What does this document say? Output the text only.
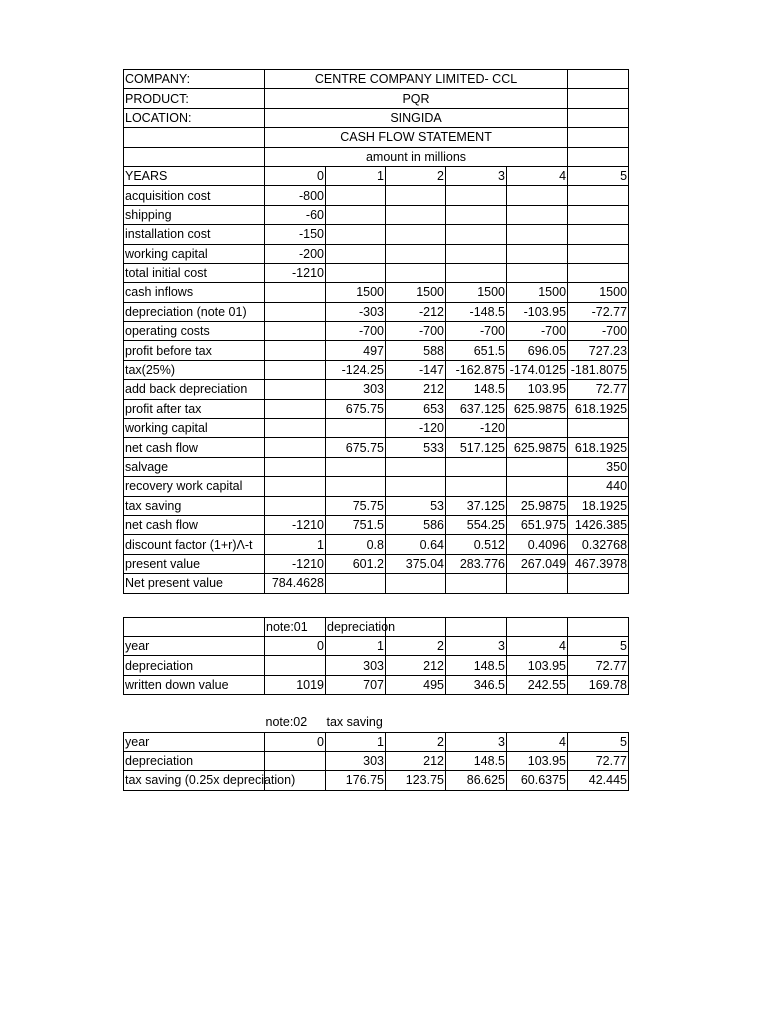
COMPANY:	CENTRE COMPANY LIMITED- CCL					
PRODUCT:	PQR					
LOCATION:	SINGIDA					
	CASH FLOW STATEMENT					
	amount in millions					
YEARS	0	1	2	3	4	5
acquisition cost	-800					
shipping	-60					
installation cost	-150					
working capital	-200					
total initial cost	-1210					
cash inflows		1500	1500	1500	1500	1500
depreciation (note 01)		-303	-212	-148.5	-103.95	-72.77
operating costs		-700	-700	-700	-700	-700
profit before tax		497	588	651.5	696.05	727.23
tax(25%)		-124.25	-147	-162.875	-174.0125	-181.8075
add back depreciation		303	212	148.5	103.95	72.77
profit after tax		675.75	653	637.125	625.9875	618.1925
working capital			-120	-120		
net cash flow		675.75	533	517.125	625.9875	618.1925
salvage						350
recovery work capital						440
tax saving		75.75	53	37.125	25.9875	18.1925
net cash flow	-1210	751.5	586	554.25	651.975	1426.385
discount factor (1+r)Λ-t	1	0.8	0.64	0.512	0.4096	0.32768
present value	-1210	601.2	375.04	283.776	267.049	467.3978
Net present value	784.4628					
	note:01	depreciation				
year	0	1	2	3	4	5
depreciation		303	212	148.5	103.95	72.77
written down value	1019	707	495	346.5	242.55	169.78
	note:02	tax saving				
year	0	1	2	3	4	5
depreciation		303	212	148.5	103.95	72.77
tax saving (0.25x depreciation)		176.75	123.75	86.625	60.6375	42.445
